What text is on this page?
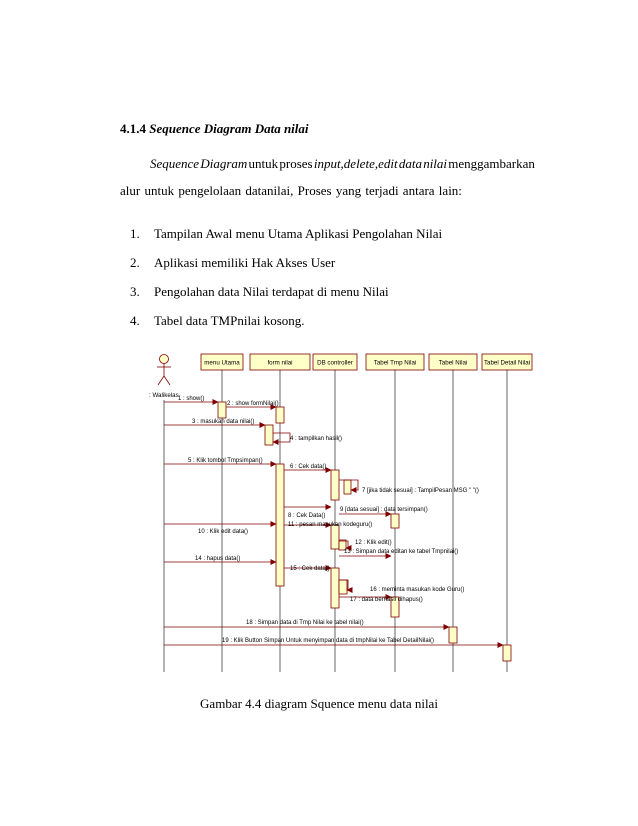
4.1.4 Sequence Diagram Data nilai
Sequence Diagram untuk proses input,delete,edit data nilai menggambarkan
alur untuk pengelolaan datanilai, Proses yang terjadi antara lain:
1. Tampilan Awal menu Utama Aplikasi Pengolahan Nilai
2. Aplikasi memiliki Hak Akses User
3. Pengolahan data Nilai terdapat di menu Nilai
4. Tabel data TMPnilai kosong.
: Walikelas
menu Utama	form nilai	DB controller	Tabel Tmp Nilai	Tabel Nilai	Tabel Detail Nilai
1 : show()
2 : show formNilai()
3 : masukan data nilai()
4 : tampilkan hasil()
5 : Klik tombol Tmpsimpan()
6 : Cek data()
7 [jika tidak sesuai] : TampilPesan MSG " "()
9 [data sesuai] : data tersimpan()
8 : Cek Data()
11 : pesan masukan kodeguru()
10 : Klik edit data()
12 : Klik edit()
13 : Simpan data editan ke tabel Tmpnilai()
14 : hapus data()
15 : Cek data()
16 : meminta masukan kode Guru()
17 : data berhasil dihapus()
18 : Simpan data di Tmp Nilai ke tabel nilai()
19 : Klik Button Simpan Untuk menyimpan data di tmpNilai ke Tabel DetailNilai()
Gambar 4.4 diagram Squence menu data nilai
